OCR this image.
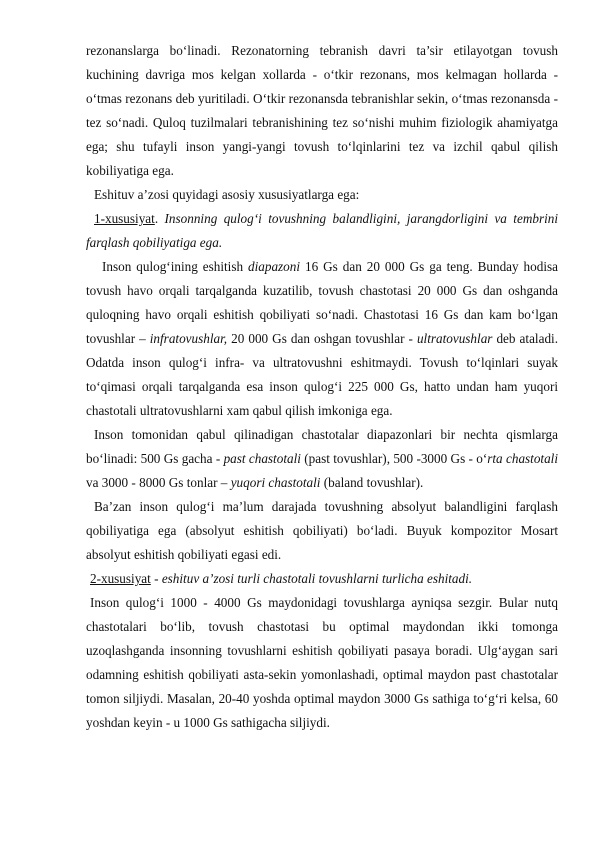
rezonanslarga bo‘linadi. Rezonatorning tebranish davri ta’sir etilayotgan tovush kuchining davriga mos kelgan xollarda - o‘tkir rezonans, mos kelmagan hollarda - o‘tmas rezonans deb yuritiladi. O‘tkir rezonansda tebranishlar sekin, o‘tmas rezonansda - tez so‘nadi. Quloq tuzilmalari tebranishining tez so‘nishi muhim fiziologik ahamiyatga ega; shu tufayli inson yangi-yangi tovush to‘lqinlarini tez va izchil qabul qilish kobiliyatiga ega.

Eshituv a’zosi quyidagi asosiy xususiyatlarga ega:

1-xususiyat. Insonning qulog‘i tovushning balandligini, jarangdorligini va tembrini farqlash qobiliyatiga ega.

Inson qulog‘ining eshitish diapazoni 16 Gs dan 20 000 Gs ga teng. Bunday hodisa tovush havo orqali tarqalganda kuzatilib, tovush chastotasi 20 000 Gs dan oshganda quloqning havo orqali eshitish qobiliyati so‘nadi. Chastotasi 16 Gs dan kam bo‘lgan tovushlar – infratovushlar, 20 000 Gs dan oshgan tovushlar - ultratovushlar deb ataladi. Odatda inson qulog‘i infra- va ultratovushni eshitmaydi. Tovush to‘lqinlari suyak to‘qimasi orqali tarqalganda esa inson qulog‘i 225 000 Gs, hatto undan ham yuqori chastotali ultratovushlarni xam qabul qilish imkoniga ega.

Inson tomonidan qabul qilinadigan chastotalar diapazonlari bir nechta qismlarga bo‘linadi: 500 Gs gacha - past chastotali (past tovushlar), 500 -3000 Gs - o‘rta chastotali va 3000 - 8000 Gs tonlar – yuqori chastotali (baland tovushlar).

Ba’zan inson qulog‘i ma’lum darajada tovushning absolyut balandligini farqlash qobiliyatiga ega (absolyut eshitish qobiliyati) bo‘ladi. Buyuk kompozitor Mosart absolyut eshitish qobiliyati egasi edi.

2-xususiyat - eshituv a’zosi turli chastotali tovushlarni turlicha eshitadi.

Inson qulog‘i 1000 - 4000 Gs maydonidagi tovushlarga ayniqsa sezgir. Bular nutq chastotalari bo‘lib, tovush chastotasi bu optimal maydondan ikki tomonga uzoqlashganda insonning tovushlarni eshitish qobiliyati pasaya boradi. Ulg‘aygan sari odamning eshitish qobiliyati asta-sekin yomonlashadi, optimal maydon past chastotalar tomon siljiydi. Masalan, 20-40 yoshda optimal maydon 3000 Gs sathiga to‘g‘ri kelsa, 60 yoshdan keyin - u 1000 Gs sathigacha siljiydi.
